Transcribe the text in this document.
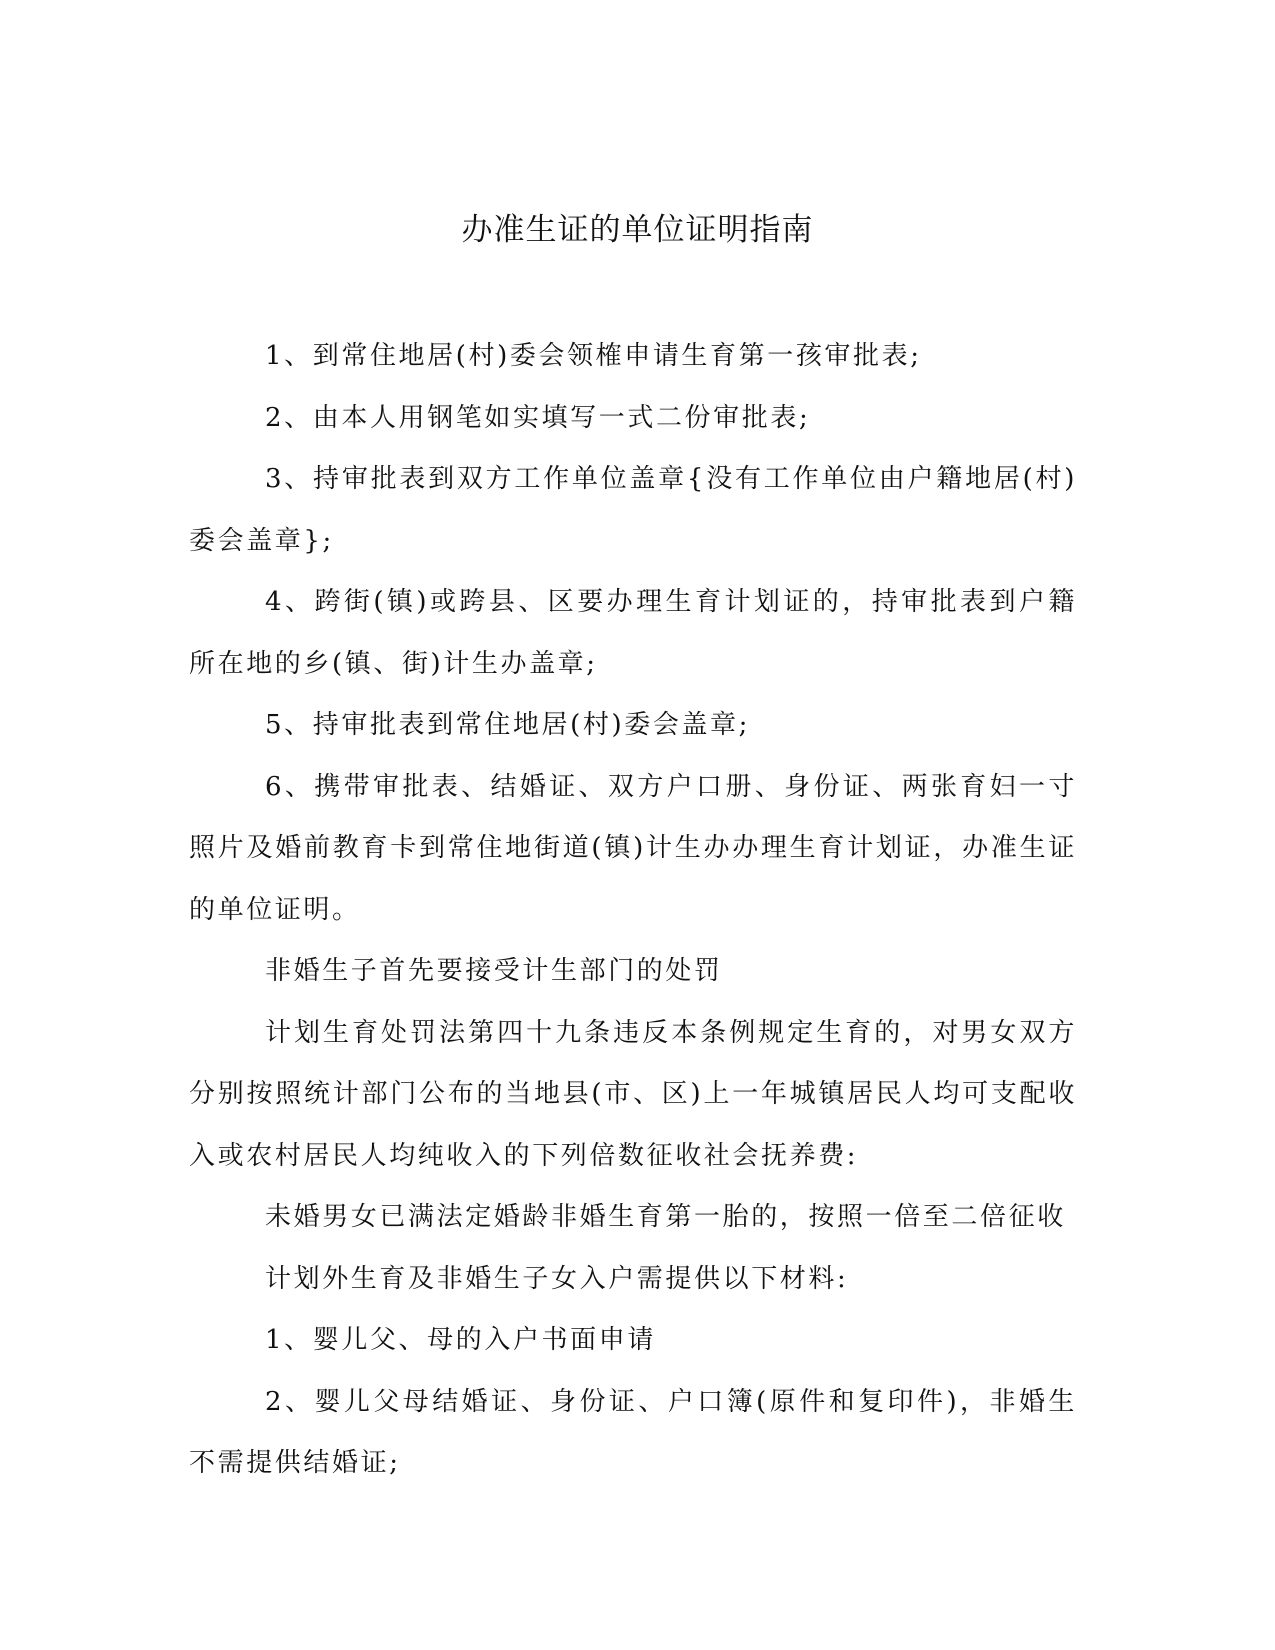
办准生证的单位证明指南

1、到常住地居(村)委会领榷申请生育第一孩审批表;

2、由本人用钢笔如实填写一式二份审批表;

3、持审批表到双方工作单位盖章{没有工作单位由户籍地居(村)委会盖章};

4、跨街(镇)或跨县、区要办理生育计划证的，持审批表到户籍所在地的乡(镇、街)计生办盖章;

5、持审批表到常住地居(村)委会盖章;

6、携带审批表、结婚证、双方户口册、身份证、两张育妇一寸照片及婚前教育卡到常住地街道(镇)计生办办理生育计划证，办准生证的单位证明。

非婚生子首先要接受计生部门的处罚

计划生育处罚法第四十九条违反本条例规定生育的，对男女双方分别按照统计部门公布的当地县(市、区)上一年城镇居民人均可支配收入或农村居民人均纯收入的下列倍数征收社会抚养费:

未婚男女已满法定婚龄非婚生育第一胎的，按照一倍至二倍征收

计划外生育及非婚生子女入户需提供以下材料:

1、婴儿父、母的入户书面申请

2、婴儿父母结婚证、身份证、户口簿(原件和复印件)，非婚生不需提供结婚证;
